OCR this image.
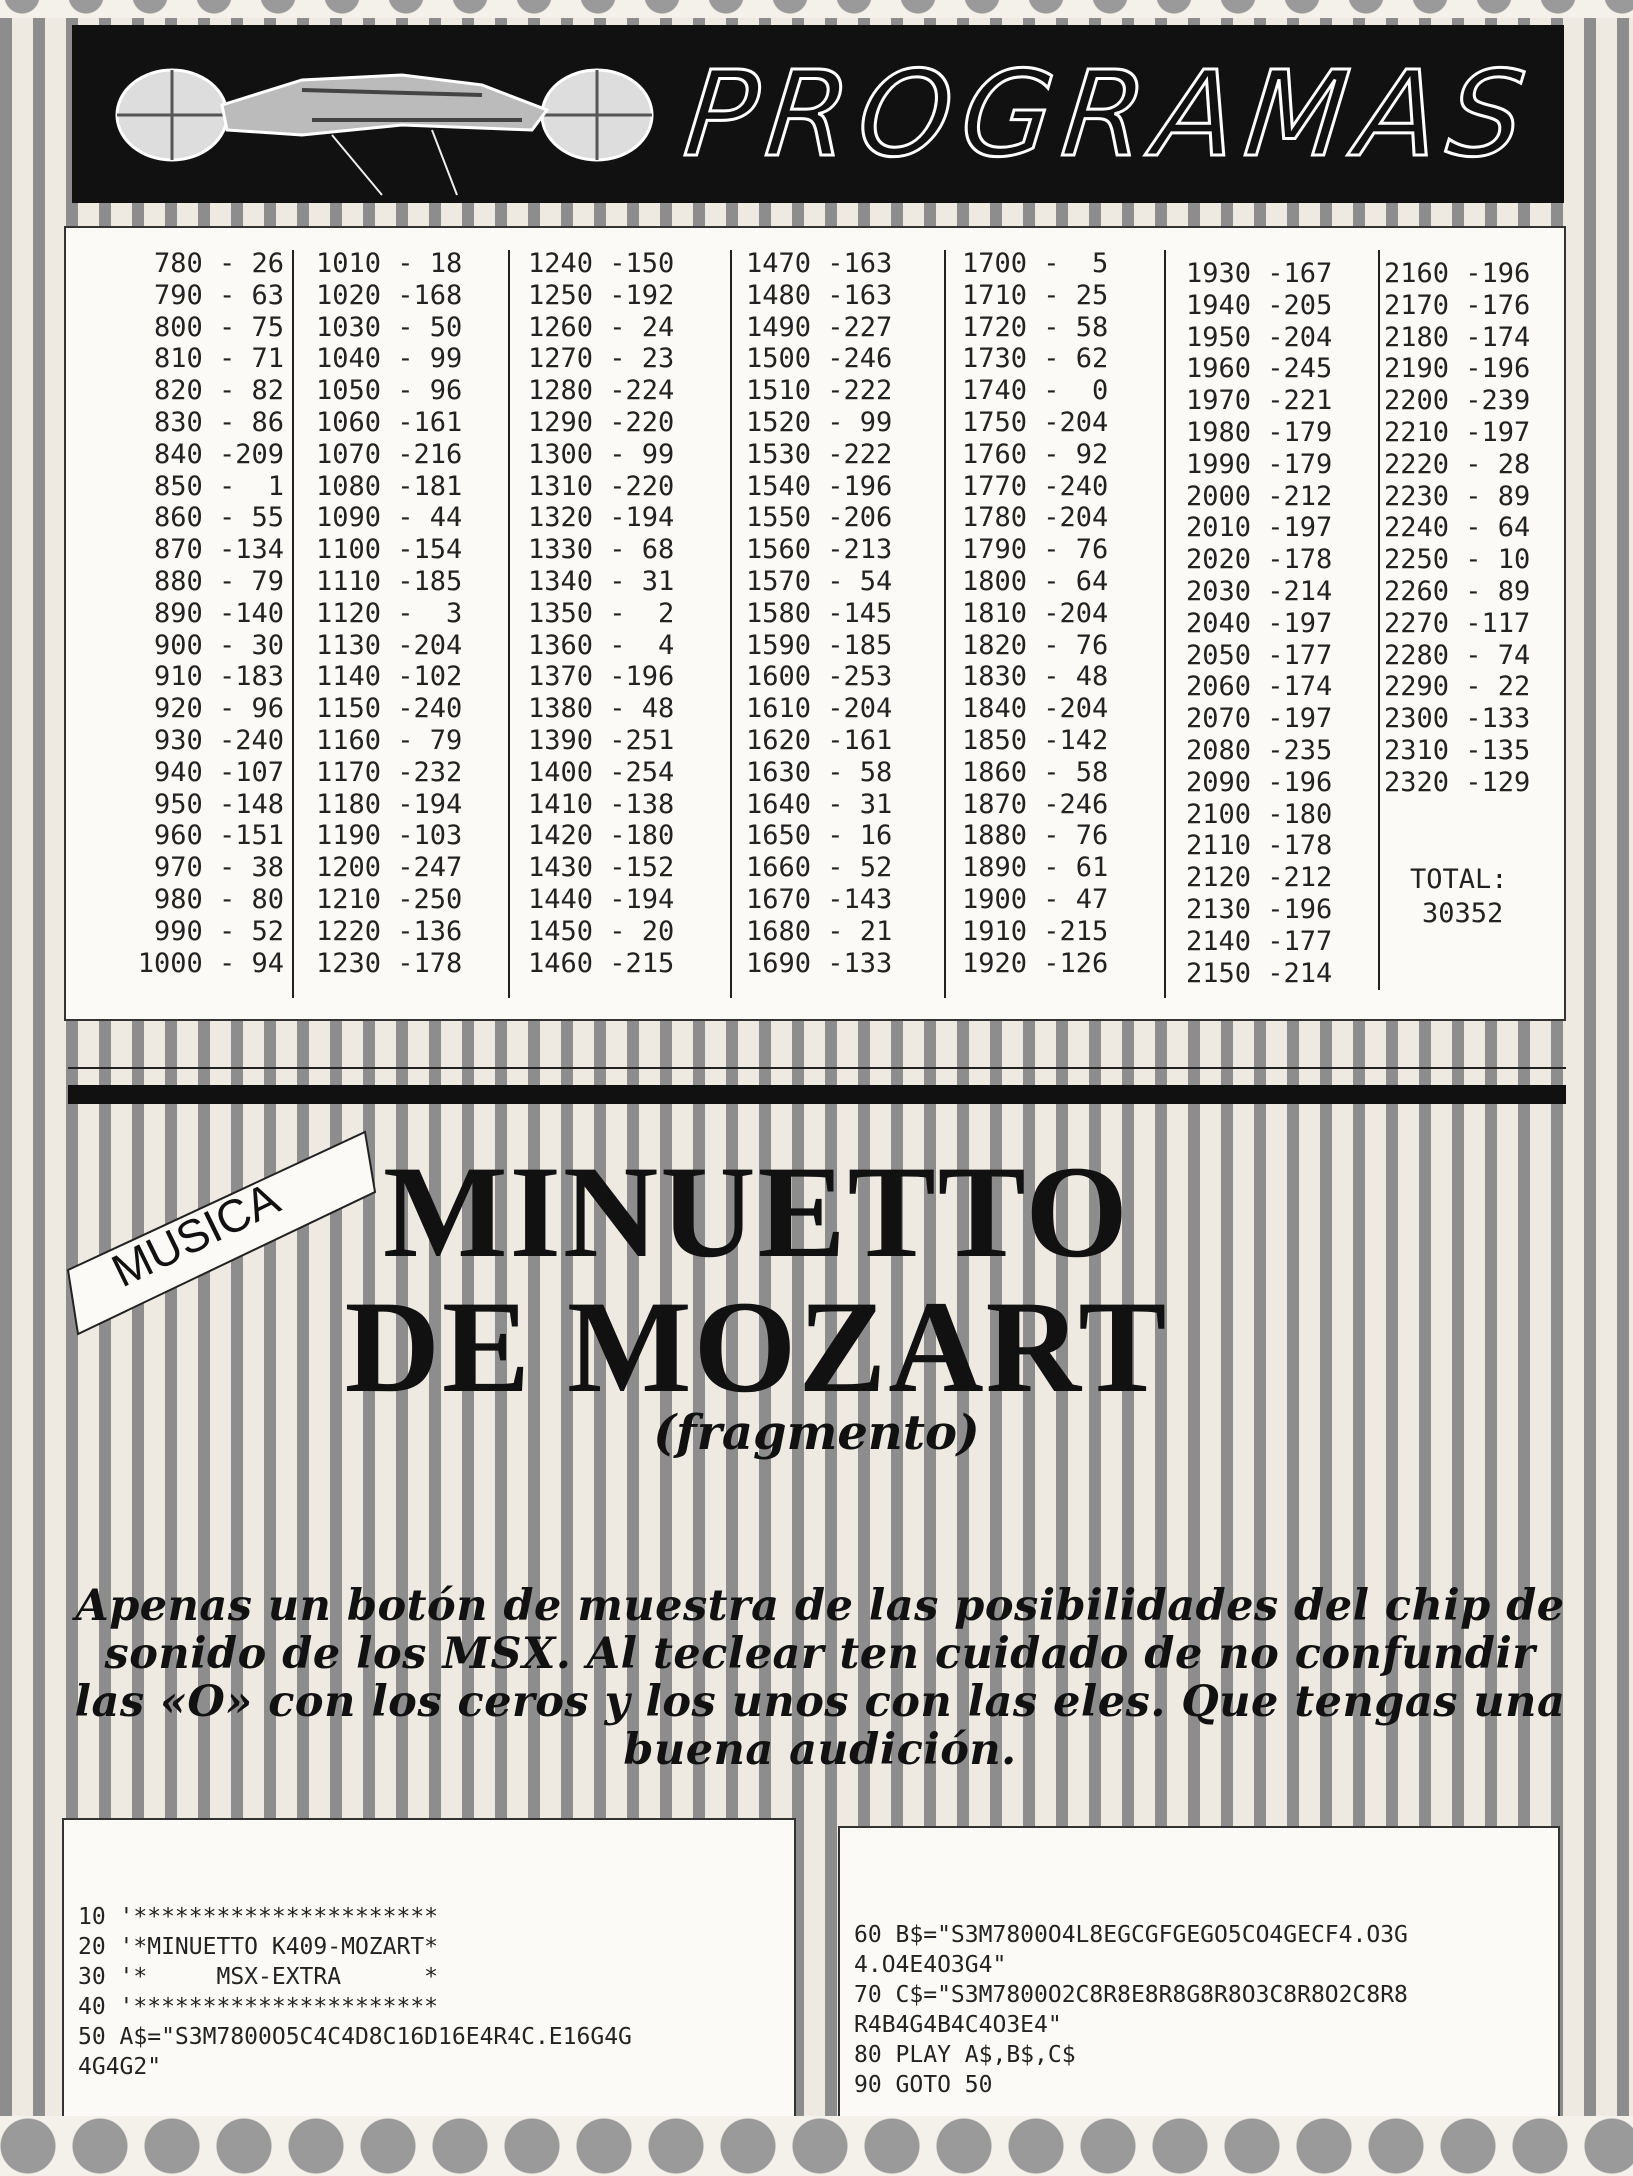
PROGRAMAS
780 - 26
790 - 63
800 - 75
810 - 71
820 - 82
830 - 86
840 -209
850 -  1
860 - 55
870 -134
880 - 79
890 -140
900 - 30
910 -183
920 - 96
930 -240
940 -107
950 -148
960 -151
970 - 38
980 - 80
990 - 52
1000 - 94
1010 - 18
1020 -168
1030 - 50
1040 - 99
1050 - 96
1060 -161
1070 -216
1080 -181
1090 - 44
1100 -154
1110 -185
1120 -  3
1130 -204
1140 -102
1150 -240
1160 - 79
1170 -232
1180 -194
1190 -103
1200 -247
1210 -250
1220 -136
1230 -178
1240 -150
1250 -192
1260 - 24
1270 - 23
1280 -224
1290 -220
1300 - 99
1310 -220
1320 -194
1330 - 68
1340 - 31
1350 -  2
1360 -  4
1370 -196
1380 - 48
1390 -251
1400 -254
1410 -138
1420 -180
1430 -152
1440 -194
1450 - 20
1460 -215
1470 -163
1480 -163
1490 -227
1500 -246
1510 -222
1520 - 99
1530 -222
1540 -196
1550 -206
1560 -213
1570 - 54
1580 -145
1590 -185
1600 -253
1610 -204
1620 -161
1630 - 58
1640 - 31
1650 - 16
1660 - 52
1670 -143
1680 - 21
1690 -133
1700 -  5
1710 - 25
1720 - 58
1730 - 62
1740 -  0
1750 -204
1760 - 92
1770 -240
1780 -204
1790 - 76
1800 - 64
1810 -204
1820 - 76
1830 - 48
1840 -204
1850 -142
1860 - 58
1870 -246
1880 - 76
1890 - 61
1900 - 47
1910 -215
1920 -126
1930 -167
1940 -205
1950 -204
1960 -245
1970 -221
1980 -179
1990 -179
2000 -212
2010 -197
2020 -178
2030 -214
2040 -197
2050 -177
2060 -174
2070 -197
2080 -235
2090 -196
2100 -180
2110 -178
2120 -212
2130 -196
2140 -177
2150 -214
2160 -196
2170 -176
2180 -174
2190 -196
2200 -239
2210 -197
2220 - 28
2230 - 89
2240 - 64
2250 - 10
2260 - 89
2270 -117
2280 - 74
2290 - 22
2300 -133
2310 -135
2320 -129
TOTAL:
30352
MUSICA MINUETTO
DE MOZART
(fragmento)
Apenas un botón de muestra de las posibilidades del chip de sonido de los MSX. Al teclear ten cuidado de no confundir las «O» con los ceros y los unos con las eles. Que tengas una buena audición.

10 '**********************
20 '*MINUETTO K409-MOZART*
30 '*     MSX-EXTRA      *
40 '**********************
50 A$="S3M7800O5C4C4D8C16D16E4R4C.E16G4G
4G4G2"

60 B$="S3M7800O4L8EGCGFGEGO5CO4GECF4.O3G
4.O4E4O3G4"
70 C$="S3M7800O2C8R8E8R8G8R8O3C8R8O2C8R8
R4B4G4B4C4O3E4"
80 PLAY A$,B$,C$
90 GOTO 50
